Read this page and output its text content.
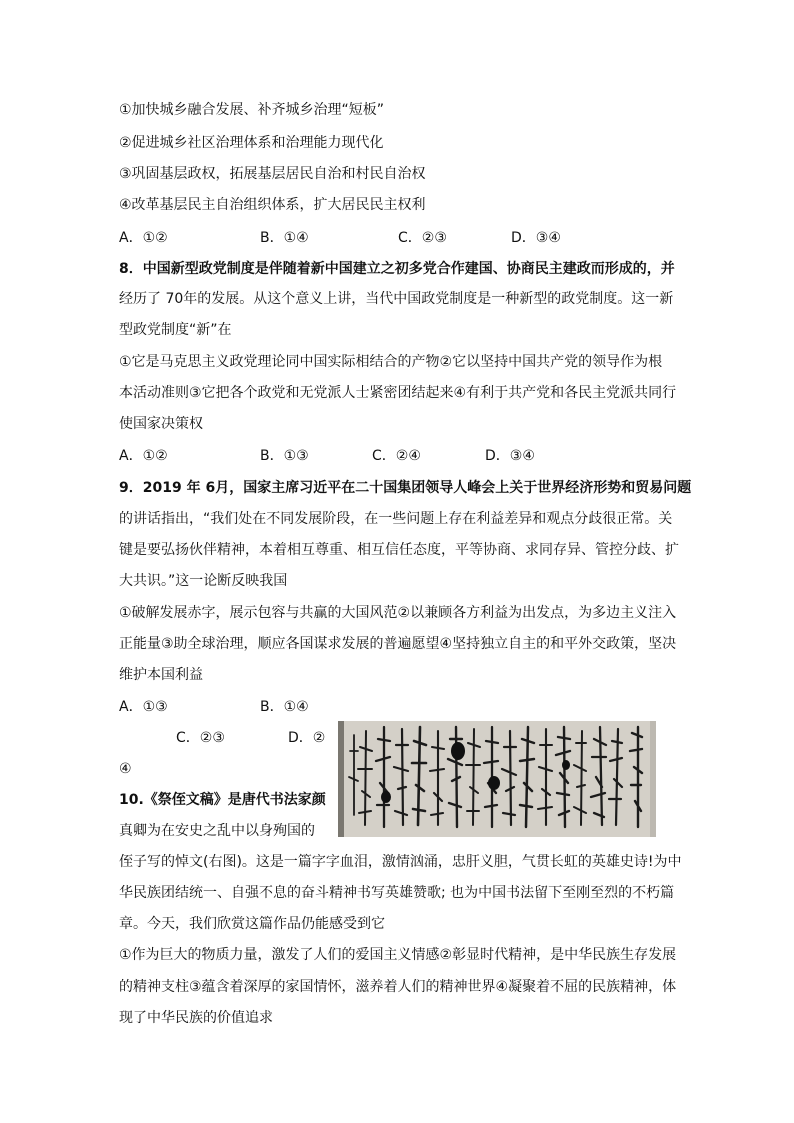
①加快城乡融合发展、补齐城乡治理“短板”
②促进城乡社区治理体系和治理能力现代化
③巩固基层政权，拓展基层居民自治和村民自治权
④改革基层民主自治组织体系，扩大居民民主权利
A．①②	B．①④	C．②③	D．③④
8．中国新型政党制度是伴随着新中国建立之初多党合作建国、协商民主建政而形成的，并
经历了 70年的发展。从这个意义上讲，当代中国政党制度是一种新型的政党制度。这一新
型政党制度“新”在
①它是马克思主义政党理论同中国实际相结合的产物②它以坚持中国共产党的领导作为根
本活动准则③它把各个政党和无党派人士紧密团结起来④有利于共产党和各民主党派共同行
使国家决策权
A．①②	B．①③	C．②④	D．③④
9．2019 年 6月，国家主席习近平在二十国集团领导人峰会上关于世界经济形势和贸易问题
的讲话指出，“我们处在不同发展阶段，在一些问题上存在利益差异和观点分歧很正常。关
键是要弘扬伙伴精神，本着相互尊重、相互信任态度，平等协商、求同存异、管控分歧、扩
大共识。”这一论断反映我国
①破解发展赤字，展示包容与共赢的大国风范②以兼顾各方利益为出发点，为多边主义注入
正能量③助全球治理，顺应各国谋求发展的普遍愿望④坚持独立自主的和平外交政策，坚决
维护本国利益
A．①③	B．①④
C．②③	D．②
④
10.《祭侄文稿》是唐代书法家颜
真卿为在安史之乱中以身殉国的
侄子写的悼文(右图)。这是一篇字字血泪，激情汹涌，忠肝义胆，气贯长虹的英雄史诗!为中
华民族团结统一、自强不息的奋斗精神书写英雄赞歌; 也为中国书法留下至刚至烈的不朽篇
章。今天，我们欣赏这篇作品仍能感受到它
①作为巨大的物质力量，激发了人们的爱国主义情感②彰显时代精神，是中华民族生存发展
的精神支柱③蕴含着深厚的家国情怀，滋养着人们的精神世界④凝聚着不屈的民族精神，体
现了中华民族的价值追求
